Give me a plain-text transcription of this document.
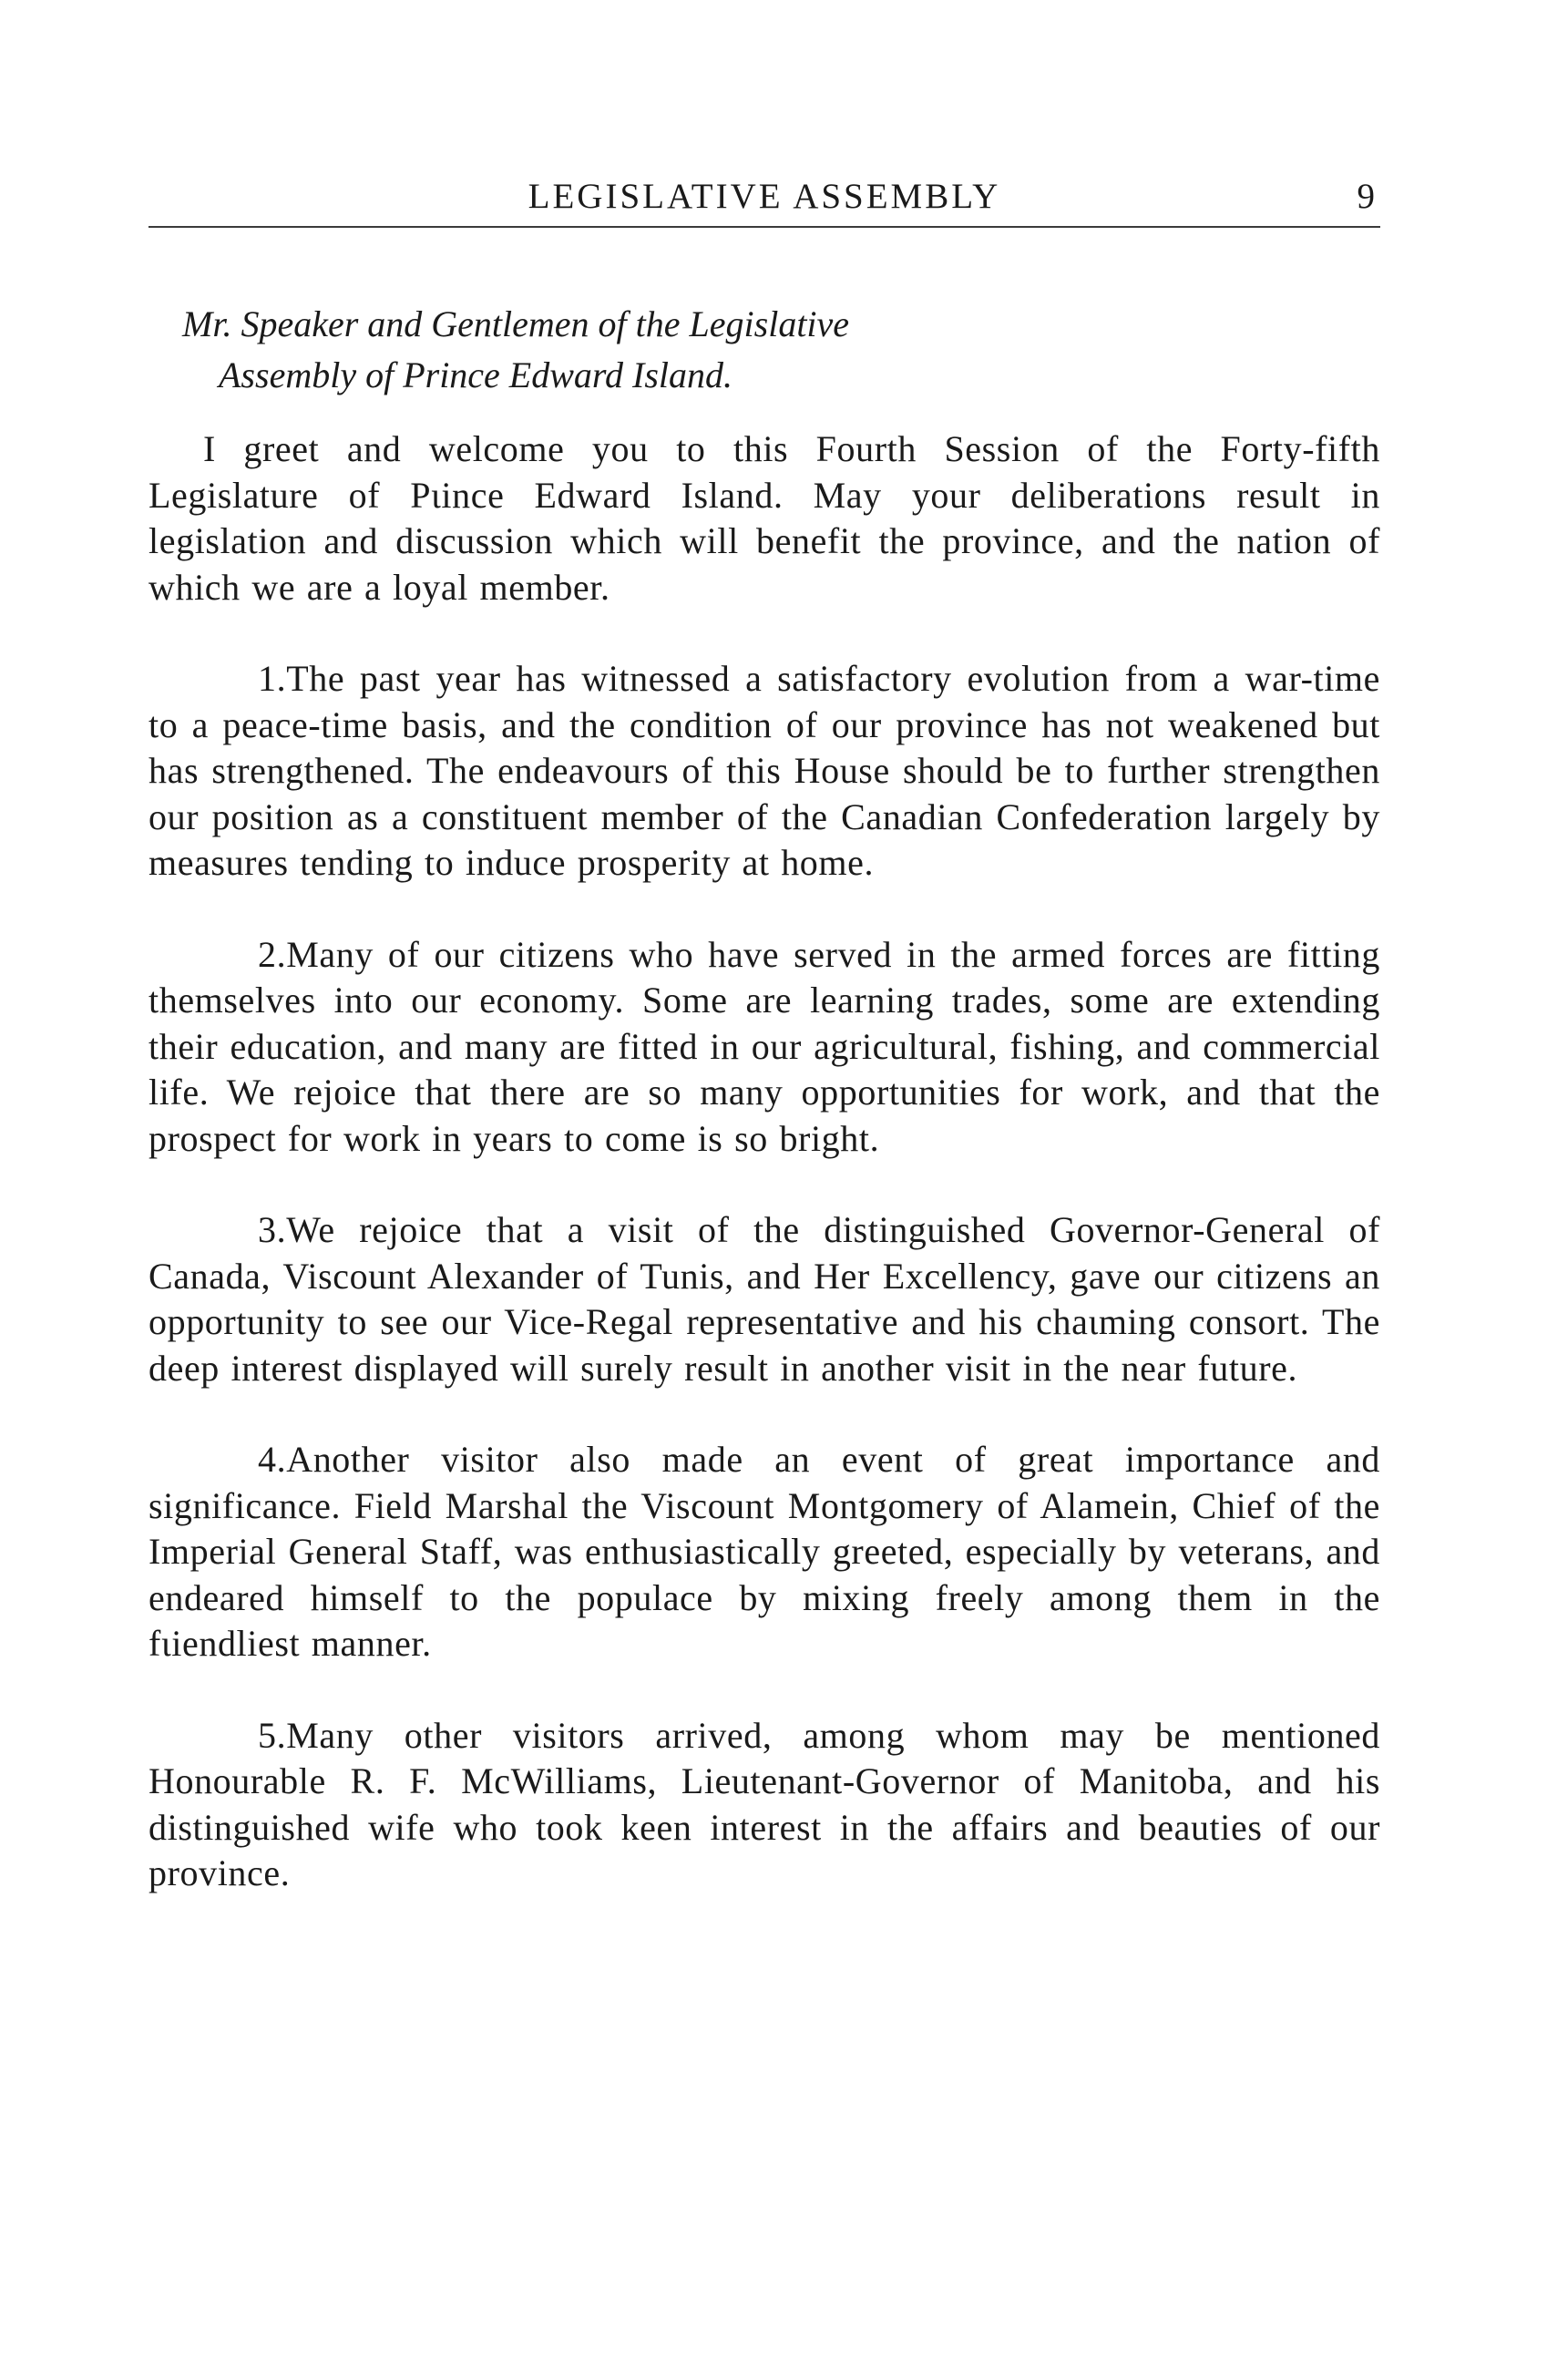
LEGISLATIVE ASSEMBLY	9
Mr. Speaker and Gentlemen of the Legislative
Assembly of Prince Edward Island.

I greet and welcome you to this Fourth Session of the Forty-fifth Legislature of Pιince Edward Island. May your deliberations result in legislation and discussion which will benefit the province, and the nation of which we are a loyal member.

1.The past year has witnessed a satisfactory evolution from a war-time to a peace-time basis, and the condition of our province has not weakened but has strengthened. The endeavours of this House should be to further strengthen our position as a constituent member of the Canadian Confederation largely by measures tending to induce prosperity at home.

2.Many of our citizens who have served in the armed forces are fitting themselves into our economy. Some are learning trades, some are extending their education, and many are fitted in our agricultural, fishing, and commercial life. We rejoice that there are so many opportunities for work, and that the prospect for work in years to come is so bright.

3.We rejoice that a visit of the distinguished Governor-General of Canada, Viscount Alexander of Tunis, and Her Excellency, gave our citizens an opportunity to see our Vice-Regal representative and his chaιming consort. The deep interest displayed will surely result in another visit in the near future.

4.Another visitor also made an event of great importance and significance. Field Marshal the Viscount Montgomery of Alamein, Chief of the Imperial General Staff, was enthusiastically greeted, especially by veterans, and endeared himself to the populace by mixing freely among them in the fιiendliest manner.

5.Many other visitors arrived, among whom may be mentioned Honourable R. F. McWilliams, Lieutenant-Governor of Manitoba, and his distinguished wife who took keen interest in the affairs and beauties of our province.
